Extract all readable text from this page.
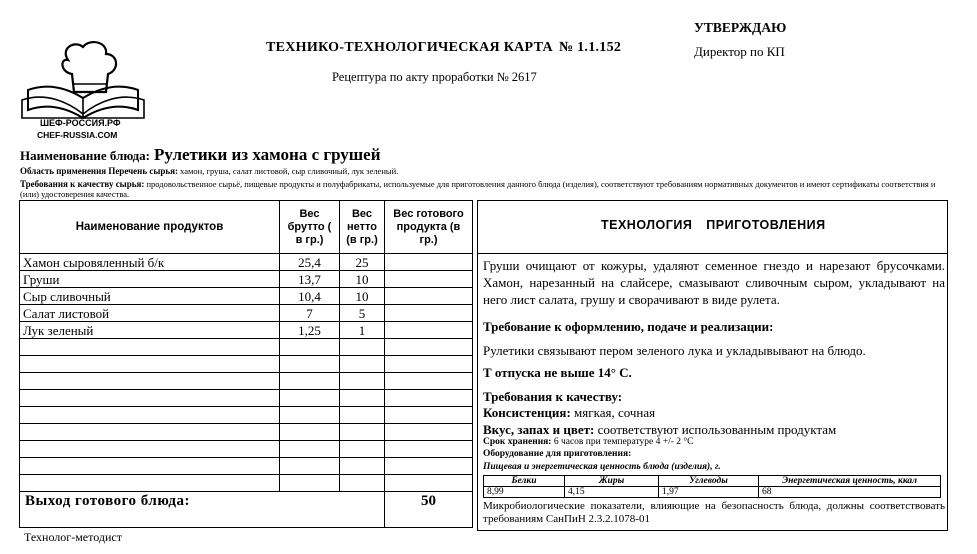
ШЕФ-РОССИЯ.РФ
CHEF-RUSSIA.COM
ТЕХНИКО-ТЕХНОЛОГИЧЕСКАЯ КАРТА № 1.1.152
Рецептура по акту проработки № 2617
УТВЕРЖДАЮ
Директор по КП
Наименование блюда: Рулетики из хамона с грушей
Область применения Перечень сырья: хамон, груша, салат листовой, сыр сливочный, лук зеленый.
Требования к качеству сырья: продовольственное сырьё, пищевые продукты и полуфабрикаты, используемые для приготовления данного блюда (изделия), соответствуют требованиям нормативных документов и имеют сертификаты соответствия и (или) удостоверения качества.
Наименование продуктов	Вес брутто ( в гр.)	Вес нетто (в гр.)	Вес готового продукта (в гр.)
Хамон сыровяленный б/к	25,4	25	
Груши	13,7	10	
Сыр сливочный	10,4	10	
Салат листовой	7	5	
Лук зеленый	1,25	1	

Выход готового блюда:			50
ТЕХНОЛОГИЯ ПРИГОТОВЛЕНИЯ
Груши очищают от кожуры, удаляют семенное гнездо и нарезают брусочками. Хамон, нарезанный на слайсере, смазывают сливочным сыром, укладывают на него лист салата, грушу и сворачивают в виде рулета.
Требование к оформлению, подаче и реализации:
Рулетики связывают пером зеленого лука и укладывывают на блюдо.
Т отпуска не выше 14° С.
Требования к качеству:
Консистенция: мягкая, сочная
Вкус, запах и цвет: соответствуют использованным продуктам
Срок хранения: 6 часов при температуре 4 +/- 2 °С
Оборудование для приготовления:
Пищевая и энергетическая ценность блюда (изделия), г.
Белки	Жиры	Углеводы	Энергетическая ценность, ккал
8,99	4,15	1,97	68
Микробиологические показатели, влияющие на безопасность блюда, должны соответствовать требованиям СанПиН 2.3.2.1078-01
Технолог-методист
